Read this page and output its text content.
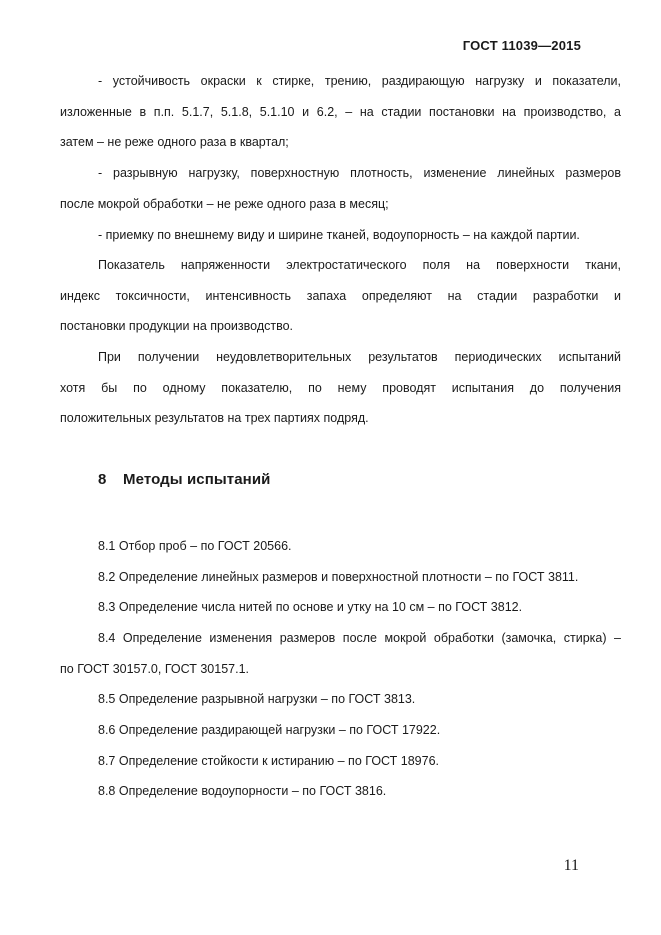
ГОСТ 11039—2015
- устойчивость окраски к стирке, трению, раздирающую нагрузку и показатели,
изложенные в п.п. 5.1.7, 5.1.8, 5.1.10 и 6.2, – на стадии постановки на производство, а
затем – не реже одного раза в квартал;
- разрывную нагрузку, поверхностную плотность, изменение линейных размеров
после мокрой обработки – не реже одного раза в месяц;
- приемку по внешнему виду и ширине тканей, водоупорность – на каждой партии.
Показатель напряженности электростатического поля на поверхности ткани,
индекс токсичности, интенсивность запаха определяют на стадии разработки и
постановки продукции на производство.
При получении неудовлетворительных результатов периодических испытаний
хотя бы по одному показателю, по нему проводят испытания до получения
положительных результатов на трех партиях подряд.
8 Методы испытаний
8.1 Отбор проб – по ГОСТ 20566.
8.2 Определение линейных размеров и поверхностной плотности – по ГОСТ 3811.
8.3 Определение числа нитей по основе и утку на 10 см – по ГОСТ 3812.
8.4 Определение изменения размеров после мокрой обработки (замочка, стирка) –
по ГОСТ 30157.0, ГОСТ 30157.1.
8.5 Определение разрывной нагрузки – по ГОСТ 3813.
8.6 Определение раздирающей нагрузки – по ГОСТ 17922.
8.7 Определение стойкости к истиранию – по ГОСТ 18976.
8.8 Определение водоупорности – по ГОСТ 3816.
11
